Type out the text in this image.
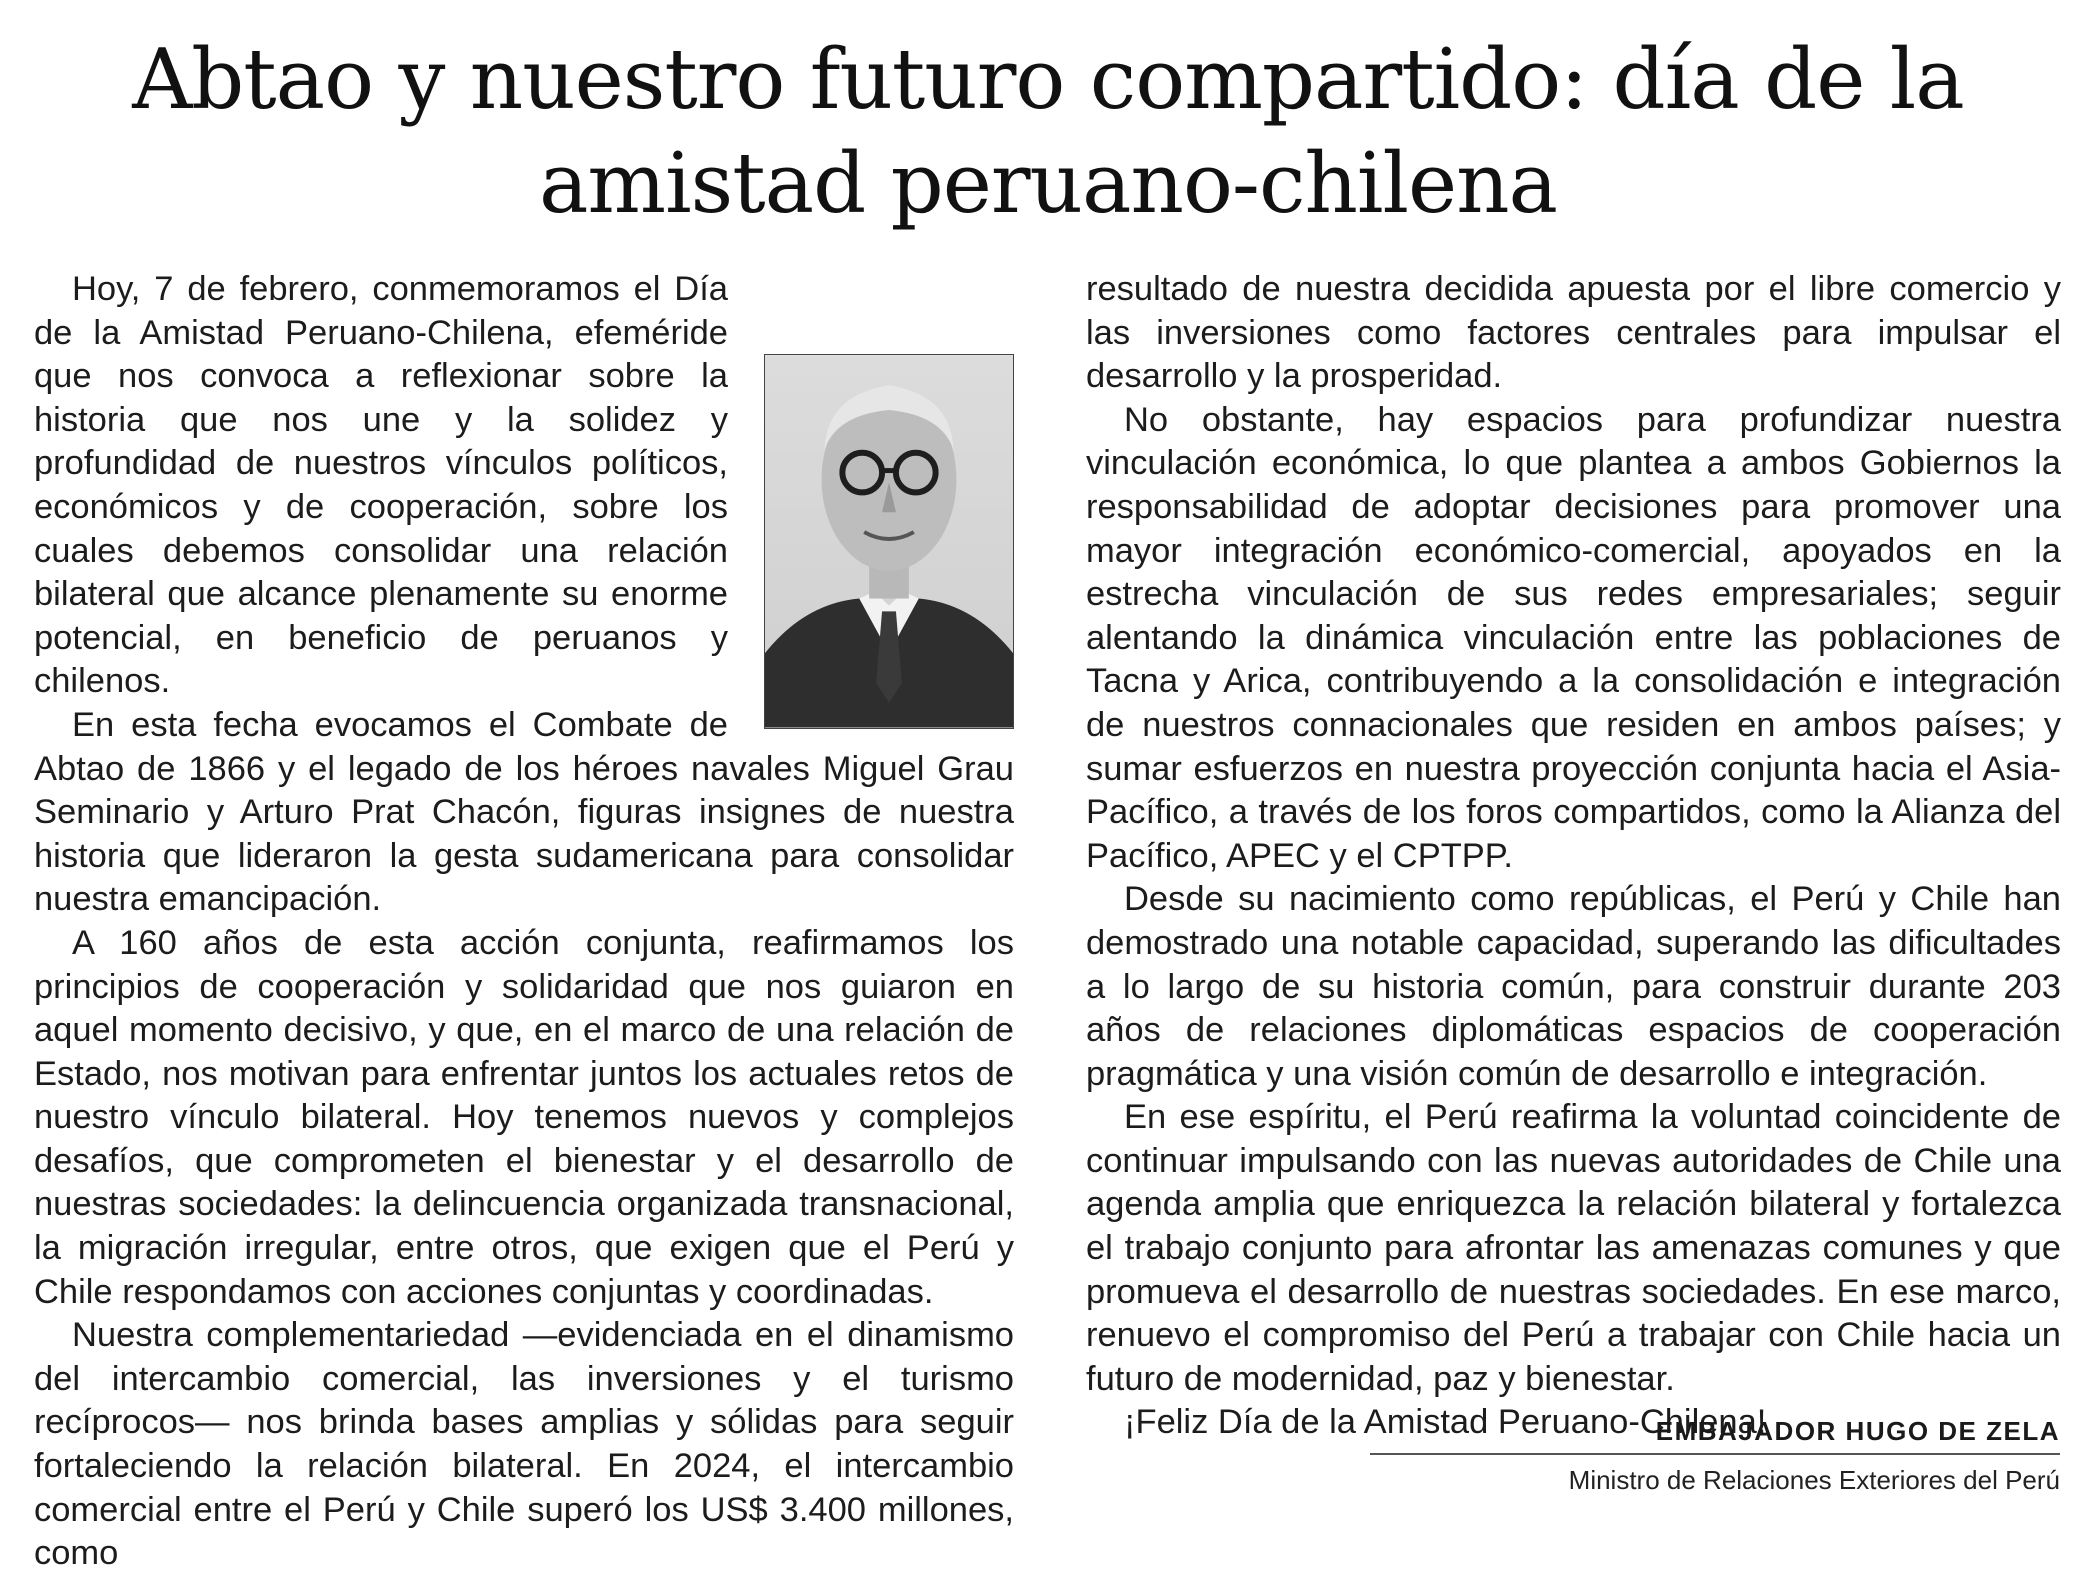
Abtao y nuestro futuro compartido: día de la
amistad peruano-chilena

Hoy, 7 de febrero, conmemoramos el Día de la Amistad Peruano-Chilena, efeméride que nos convoca a reflexionar sobre la historia que nos une y la solidez y profundidad de nuestros vínculos políticos, económicos y de cooperación, sobre los cuales debemos consolidar una relación bilateral que alcance plenamente su enorme potencial, en beneficio de peruanos y chilenos.

En esta fecha evocamos el Combate de Abtao de 1866 y el legado de los héroes navales Miguel Grau Seminario y Arturo Prat Chacón, figuras insignes de nuestra historia que lideraron la gesta sudamericana para consolidar nuestra emancipación.

A 160 años de esta acción conjunta, reafirmamos los principios de cooperación y solidaridad que nos guiaron en aquel momento decisivo, y que, en el marco de una relación de Estado, nos motivan para enfrentar juntos los actuales retos de nuestro vínculo bilateral. Hoy tenemos nuevos y complejos desafíos, que comprometen el bienestar y el desarrollo de nuestras sociedades: la delincuencia organizada transnacional, la migración irregular, entre otros, que exigen que el Perú y Chile respondamos con acciones conjuntas y coordinadas.

Nuestra complementariedad —evidenciada en el dinamismo del intercambio comercial, las inversiones y el turismo recíprocos— nos brinda bases amplias y sólidas para seguir fortaleciendo la relación bilateral. En 2024, el intercambio comercial entre el Perú y Chile superó los US$ 3.400 millones, como

resultado de nuestra decidida apuesta por el libre comercio y las inversiones como factores centrales para impulsar el desarrollo y la prosperidad.

No obstante, hay espacios para profundizar nuestra vinculación económica, lo que plantea a ambos Gobiernos la responsabilidad de adoptar decisiones para promover una mayor integración económico-comercial, apoyados en la estrecha vinculación de sus redes empresariales; seguir alentando la dinámica vinculación entre las poblaciones de Tacna y Arica, contribuyendo a la consolidación e integración de nuestros connacionales que residen en ambos países; y sumar esfuerzos en nuestra proyección conjunta hacia el Asia-Pacífico, a través de los foros compartidos, como la Alianza del Pacífico, APEC y el CPTPP.

Desde su nacimiento como repúblicas, el Perú y Chile han demostrado una notable capacidad, superando las dificultades a lo largo de su historia común, para construir durante 203 años de relaciones diplomáticas espacios de cooperación pragmática y una visión común de desarrollo e integración.

En ese espíritu, el Perú reafirma la voluntad coincidente de continuar impulsando con las nuevas autoridades de Chile una agenda amplia que enriquezca la relación bilateral y fortalezca el trabajo conjunto para afrontar las amenazas comunes y que promueva el desarrollo de nuestras sociedades. En ese marco, renuevo el compromiso del Perú a trabajar con Chile hacia un futuro de modernidad, paz y bienestar.

¡Feliz Día de la Amistad Peruano-Chilena!

EMBAJADOR HUGO DE ZELA
Ministro de Relaciones Exteriores del Perú
